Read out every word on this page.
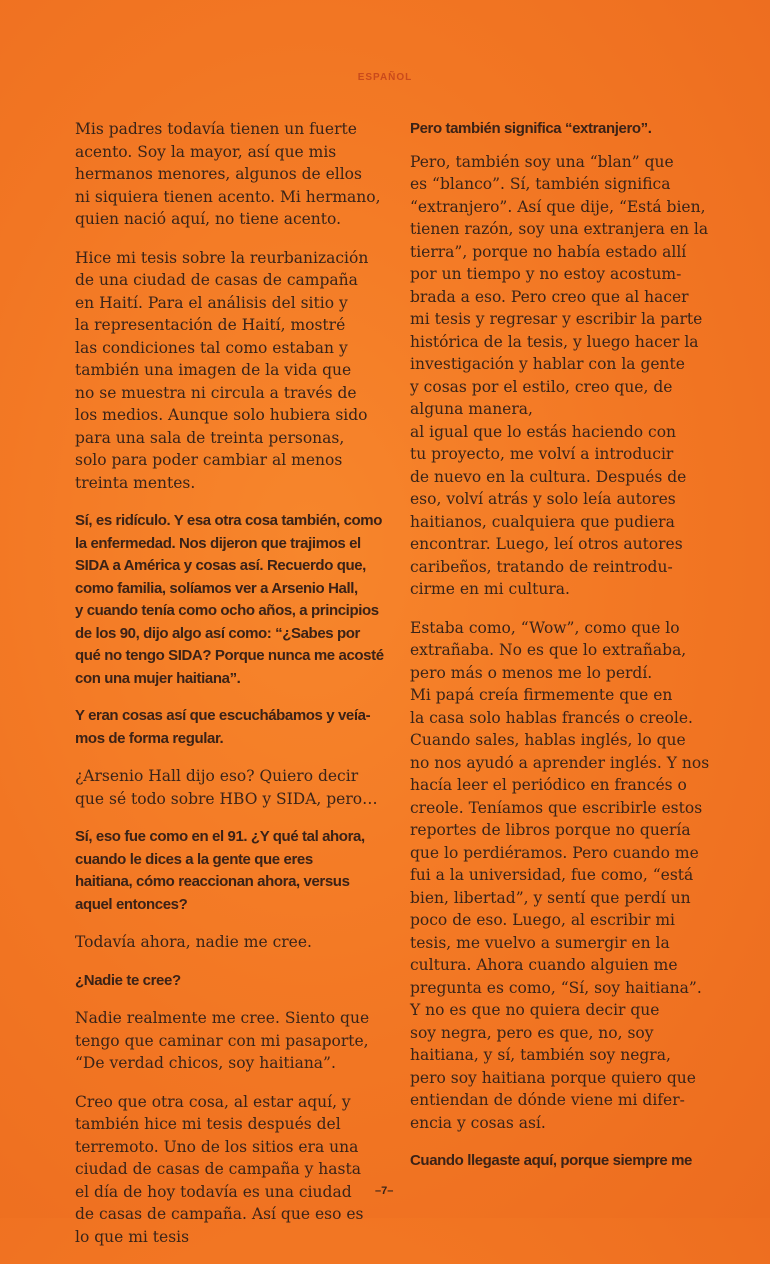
ESPAÑOL

Mis padres todavía tienen un fuerte
acento. Soy la mayor, así que mis
hermanos menores, algunos de ellos
ni siquiera tienen acento. Mi hermano,
quien nació aquí, no tiene acento.

Hice mi tesis sobre la reurbanización
de una ciudad de casas de campaña
en Haití. Para el análisis del sitio y
la representación de Haití, mostré
las condiciones tal como estaban y
también una imagen de la vida que
no se muestra ni circula a través de
los medios. Aunque solo hubiera sido
para una sala de treinta personas,
solo para poder cambiar al menos
treinta mentes.

Sí, es ridículo. Y esa otra cosa también, como
la enfermedad. Nos dijeron que trajimos el
SIDA a América y cosas así. Recuerdo que,
como familia, solíamos ver a Arsenio Hall,
y cuando tenía como ocho años, a principios
de los 90, dijo algo así como: “¿Sabes por
qué no tengo SIDA? Porque nunca me acosté
con una mujer haitiana”.

Y eran cosas así que escuchábamos y veía-
mos de forma regular.

¿Arsenio Hall dijo eso? Quiero decir
que sé todo sobre HBO y SIDA, pero…

Sí, eso fue como en el 91. ¿Y qué tal ahora,
cuando le dices a la gente que eres
haitiana, cómo reaccionan ahora, versus
aquel entonces?

Todavía ahora, nadie me cree.

¿Nadie te cree?

Nadie realmente me cree. Siento que
tengo que caminar con mi pasaporte,
“De verdad chicos, soy haitiana”.

Creo que otra cosa, al estar aquí, y
también hice mi tesis después del
terremoto. Uno de los sitios era una
ciudad de casas de campaña y hasta
el día de hoy todavía es una ciudad
de casas de campaña. Así que eso es
lo que mi tesis

Pero también significa “extranjero”.

Pero, también soy una “blan” que
es “blanco”. Sí, también significa
“extranjero”. Así que dije, “Está bien,
tienen razón, soy una extranjera en la
tierra”, porque no había estado allí
por un tiempo y no estoy acostum-
brada a eso. Pero creo que al hacer
mi tesis y regresar y escribir la parte
histórica de la tesis, y luego hacer la
investigación y hablar con la gente
y cosas por el estilo, creo que, de
alguna manera,
al igual que lo estás haciendo con
tu proyecto, me volví a introducir
de nuevo en la cultura. Después de
eso, volví atrás y solo leía autores
haitianos, cualquiera que pudiera
encontrar. Luego, leí otros autores
caribeños, tratando de reintrodu-
cirme en mi cultura.

Estaba como, “Wow”, como que lo
extrañaba. No es que lo extrañaba,
pero más o menos me lo perdí.
Mi papá creía firmemente que en
la casa solo hablas francés o creole.
Cuando sales, hablas inglés, lo que
no nos ayudó a aprender inglés. Y nos
hacía leer el periódico en francés o
creole. Teníamos que escribirle estos
reportes de libros porque no quería
que lo perdiéramos. Pero cuando me
fui a la universidad, fue como, “está
bien, libertad”, y sentí que perdí un
poco de eso. Luego, al escribir mi
tesis, me vuelvo a sumergir en la
cultura. Ahora cuando alguien me
pregunta es como, “Sí, soy haitiana”.
Y no es que no quiera decir que
soy negra, pero es que, no, soy
haitiana, y sí, también soy negra,
pero soy haitiana porque quiero que
entiendan de dónde viene mi difer-
encia y cosas así.

Cuando llegaste aquí, porque siempre me

–7–
